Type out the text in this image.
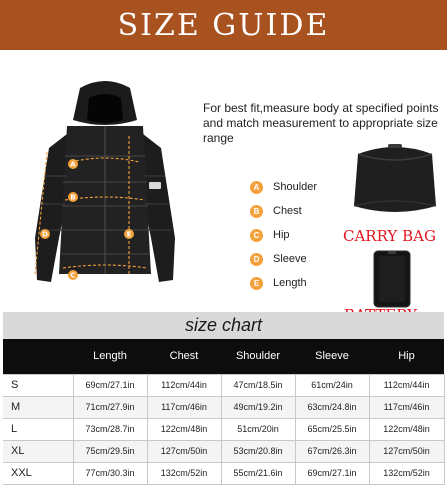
SIZE GUIDE
A
B
C
D	E
For best fit,measure body at specified points and match measurement to appropriate size range
A	Shoulder
B	Chest
C	Hip
D	Sleeve
E	Length
CARRY BAG
size chart
	Length	Chest	Shoulder	Sleeve	Hip
S	69cm/27.1in	112cm/44in	47cm/18.5in	61cm/24in	112cm/44in
M	71cm/27.9in	117cm/46in	49cm/19.2in	63cm/24.8in	117cm/46in
L	73cm/28.7in	122cm/48in	51cm/20in	65cm/25.5in	122cm/48in
XL	75cm/29.5in	127cm/50in	53cm/20.8in	67cm/26.3in	127cm/50in
XXL	77cm/30.3in	132cm/52in	55cm/21.6in	69cm/27.1in	132cm/52in
